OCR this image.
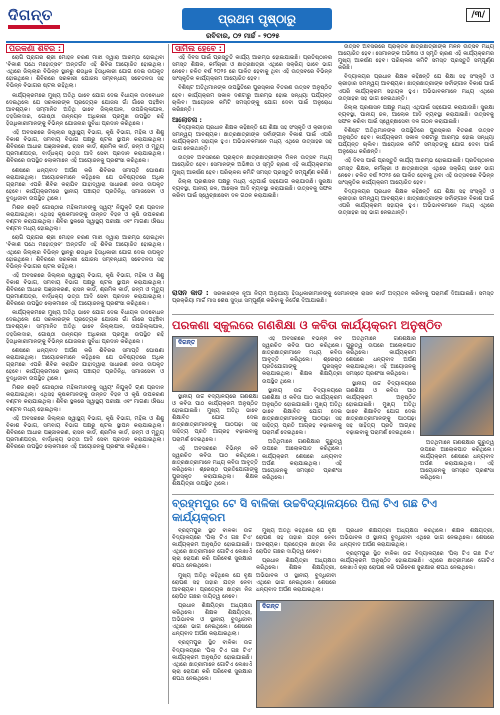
ଦିଗନ୍ତ	ପ୍ରଥମ ପୃଷ୍ଠାରୁ	/୩/
ରବିବାର, ୦୨ ମାର୍ଚ୍ଚ - ୨୦୨୫
ପରକଣା ଶିବିର :

ରୋଗି ପ୍ରାଗର ଶ୍ରୀ ମୋହନ ଚରଣ ମାଝୀ ଦ୍ୱାରା ଆରମ୍ଭ ହୋଇଥିବା 'ବିକାଶ ପଥେ ମହୋତ୍ସବ' ଅନ୍ତର୍ଗତ ଏହି ଶିବିର ଆୟୋଜିତ ହୋଇଥିଲା। ଏଥିରେ ଜିଲ୍ଲାର ବିଭିନ୍ନ ସ୍ଥାନରୁ ଶତାଧିକ ହିତାଧିକାରୀ ଯୋଗ ଦେଇ ଉପକୃତ ହୋଇଥିଲେ। ଶିବିରରେ ସରକାରୀ ଯୋଜନା ସମ୍ବନ୍ଧୀୟ ସଚେତନତା ସହ ବିଭିନ୍ନ ବିଭାଗର ଷ୍ଟଲ ରହିଥିଲା।

କାର୍ଯ୍ୟକ୍ରମରେ ମୁଖ୍ୟ ଅତିଥି ଭାବେ ଯୋଗ ଦେଇ ବିଧାୟକ ଉଦବୋଧନ ଦେଇଥିଲେ ଯେ ସରକାରଙ୍କ ପ୍ରତ୍ୟେକ ଯୋଜନା ଗାଁ ଗାଁରେ ପହଞ୍ଚିବା ଆବଶ୍ୟକ। ସମ୍ମାନିତ ଅତିଥି ଭାବେ ଜିଲ୍ଲାପାଳ, ଉପଜିଲ୍ଳାପାଳ, ତହସିଲଦାର, ଗୋଷ୍ଠୀ ଉନ୍ନୟନ ଅଧିକାରୀ ପ୍ରମୁଖ ଉପସ୍ଥିତ ରହି ହିତାଧିକାରୀମାନଙ୍କୁ ବିଭିନ୍ନ ଯୋଜନାର ସୁବିଧା ପ୍ରଦାନ କରିଥିଲେ।

ଏହି ଅବସରରେ ଜିଲ୍ଲାର ସ୍ୱାସ୍ଥ୍ୟ ବିଭାଗ, କୃଷି ବିଭାଗ, ମହିଳା ଓ ଶିଶୁ ବିକାଶ ବିଭାଗ, ସମବାୟ ବିଭାଗ ପକ୍ଷରୁ ଷ୍ଟଲ ସ୍ଥାପନ କରାଯାଇଥିଲା। ଶିବିରରେ ଆଧାର ପଞ୍ଜୀକରଣ, ରାସନ କାର୍ଡ, ଶ୍ରମିକ କାର୍ଡ, ଜନ୍ମ ଓ ମୃତ୍ୟୁ ପ୍ରମାଣପତ୍ର, ବାର୍ଦ୍ଧକ୍ୟ ଭତ୍ତା ଆଦି ସେବା ପ୍ରଦାନ କରାଯାଇଥିଲା। ଶିବିରରେ ଉପସ୍ଥିତ ଲୋକମାନେ ଏହି ଆୟୋଜନକୁ ପ୍ରଶଂସା କରିଥିଲେ।

ଶେଷରେ ଧନ୍ୟବାଦ ଅର୍ପଣ କରି ଶିବିରର ସମାପ୍ତି ଘୋଷଣା କରାଯାଇଥିଲା। ଆୟୋଜକମାନେ କହିଥିଲେ ଯେ ଭବିଷ୍ୟତରେ ଅଧିକ ଗ୍ରାମରେ ଏପରି ଶିବିର କରାଯିବ ଯାହାଦ୍ୱାରା ସାଧାରଣ ଜନତା ଉପକୃତ ହେବେ। କାର୍ଯ୍ୟକ୍ରମରେ ସ୍ଥାନୀୟ ପଞ୍ଚାୟତ ପ୍ରତିନିଧି, ସମାଜସେବୀ ଓ ବୁଦ୍ଧିଜୀବୀ ଉପସ୍ଥିତ ଥିଲେ।

ମିଶନ ଶକ୍ତି ଗୋଷ୍ଠୀର ମହିଳାମାନଙ୍କୁ ସ୍ୱୟଂ ନିଯୁକ୍ତି ଋଣ ପ୍ରଦାନ କରାଯାଇଥିଲା। ଏଥିସହ କୃଷକମାନଙ୍କୁ ଉନ୍ନତ ବିହନ ଓ କୃଷି ଉପକରଣ ବଣ୍ଟନ କରାଯାଇଥିଲା। ଶିବିର ସ୍ଥଳରେ ସ୍ୱାସ୍ଥ୍ୟ ପରୀକ୍ଷା ଏବଂ ମାଗଣା ଔଷଧ ବଣ୍ଟନ ମଧ୍ୟ ହୋଇଥିଲା।

ରୋଗି ପ୍ରାଗର ଶ୍ରୀ ମୋହନ ଚରଣ ମାଝୀ ଦ୍ୱାରା ଆରମ୍ଭ ହୋଇଥିବା 'ବିକାଶ ପଥେ ମହୋତ୍ସବ' ଅନ୍ତର୍ଗତ ଏହି ଶିବିର ଆୟୋଜିତ ହୋଇଥିଲା। ଏଥିରେ ଜିଲ୍ଲାର ବିଭିନ୍ନ ସ୍ଥାନରୁ ଶତାଧିକ ହିତାଧିକାରୀ ଯୋଗ ଦେଇ ଉପକୃତ ହୋଇଥିଲେ। ଶିବିରରେ ସରକାରୀ ଯୋଜନା ସମ୍ବନ୍ଧୀୟ ସଚେତନତା ସହ ବିଭିନ୍ନ ବିଭାଗର ଷ୍ଟଲ ରହିଥିଲା।

ଏହି ଅବସରରେ ଜିଲ୍ଲାର ସ୍ୱାସ୍ଥ୍ୟ ବିଭାଗ, କୃଷି ବିଭାଗ, ମହିଳା ଓ ଶିଶୁ ବିକାଶ ବିଭାଗ, ସମବାୟ ବିଭାଗ ପକ୍ଷରୁ ଷ୍ଟଲ ସ୍ଥାପନ କରାଯାଇଥିଲା। ଶିବିରରେ ଆଧାର ପଞ୍ଜୀକରଣ, ରାସନ କାର୍ଡ, ଶ୍ରମିକ କାର୍ଡ, ଜନ୍ମ ଓ ମୃତ୍ୟୁ ପ୍ରମାଣପତ୍ର, ବାର୍ଦ୍ଧକ୍ୟ ଭତ୍ତା ଆଦି ସେବା ପ୍ରଦାନ କରାଯାଇଥିଲା। ଶିବିରରେ ଉପସ୍ଥିତ ଲୋକମାନେ ଏହି ଆୟୋଜନକୁ ପ୍ରଶଂସା କରିଥିଲେ।

କାର୍ଯ୍ୟକ୍ରମରେ ମୁଖ୍ୟ ଅତିଥି ଭାବେ ଯୋଗ ଦେଇ ବିଧାୟକ ଉଦବୋଧନ ଦେଇଥିଲେ ଯେ ସରକାରଙ୍କ ପ୍ରତ୍ୟେକ ଯୋଜନା ଗାଁ ଗାଁରେ ପହଞ୍ଚିବା ଆବଶ୍ୟକ। ସମ୍ମାନିତ ଅତିଥି ଭାବେ ଜିଲ୍ଲାପାଳ, ଉପଜିଲ୍ଳାପାଳ, ତହସିଲଦାର, ଗୋଷ୍ଠୀ ଉନ୍ନୟନ ଅଧିକାରୀ ପ୍ରମୁଖ ଉପସ୍ଥିତ ରହି ହିତାଧିକାରୀମାନଙ୍କୁ ବିଭିନ୍ନ ଯୋଜନାର ସୁବିଧା ପ୍ରଦାନ କରିଥିଲେ।

ଶେଷରେ ଧନ୍ୟବାଦ ଅର୍ପଣ କରି ଶିବିରର ସମାପ୍ତି ଘୋଷଣା କରାଯାଇଥିଲା। ଆୟୋଜକମାନେ କହିଥିଲେ ଯେ ଭବିଷ୍ୟତରେ ଅଧିକ ଗ୍ରାମରେ ଏପରି ଶିବିର କରାଯିବ ଯାହାଦ୍ୱାରା ସାଧାରଣ ଜନତା ଉପକୃତ ହେବେ। କାର୍ଯ୍ୟକ୍ରମରେ ସ୍ଥାନୀୟ ପଞ୍ଚାୟତ ପ୍ରତିନିଧି, ସମାଜସେବୀ ଓ ବୁଦ୍ଧିଜୀବୀ ଉପସ୍ଥିତ ଥିଲେ।

ମିଶନ ଶକ୍ତି ଗୋଷ୍ଠୀର ମହିଳାମାନଙ୍କୁ ସ୍ୱୟଂ ନିଯୁକ୍ତି ଋଣ ପ୍ରଦାନ କରାଯାଇଥିଲା। ଏଥିସହ କୃଷକମାନଙ୍କୁ ଉନ୍ନତ ବିହନ ଓ କୃଷି ଉପକରଣ ବଣ୍ଟନ କରାଯାଇଥିଲା। ଶିବିର ସ୍ଥଳରେ ସ୍ୱାସ୍ଥ୍ୟ ପରୀକ୍ଷା ଏବଂ ମାଗଣା ଔଷଧ ବଣ୍ଟନ ମଧ୍ୟ ହୋଇଥିଲା।

ଏହି ଅବସରରେ ଜିଲ୍ଲାର ସ୍ୱାସ୍ଥ୍ୟ ବିଭାଗ, କୃଷି ବିଭାଗ, ମହିଳା ଓ ଶିଶୁ ବିକାଶ ବିଭାଗ, ସମବାୟ ବିଭାଗ ପକ୍ଷରୁ ଷ୍ଟଲ ସ୍ଥାପନ କରାଯାଇଥିଲା। ଶିବିରରେ ଆଧାର ପଞ୍ଜୀକରଣ, ରାସନ କାର୍ଡ, ଶ୍ରମିକ କାର୍ଡ, ଜନ୍ମ ଓ ମୃତ୍ୟୁ ପ୍ରମାଣପତ୍ର, ବାର୍ଦ୍ଧକ୍ୟ ଭତ୍ତା ଆଦି ସେବା ପ୍ରଦାନ କରାଯାଇଥିଲା। ଶିବିରରେ ଉପସ୍ଥିତ ଲୋକମାନେ ଏହି ଆୟୋଜନକୁ ପ୍ରଶଂସା କରିଥିଲେ।

ସାମିଲ ହେବେ :

ଏହି ଦିବସ ପାଇଁ ପ୍ରସ୍ତୁତି କାର୍ଯ୍ୟ ଆରମ୍ଭ ହୋଇଯାଇଛି। ପ୍ରତିଷ୍ଠାନର ସମସ୍ତ ଶିକ୍ଷକ, କର୍ମଚାରୀ ଓ ଛାତ୍ରଛାତ୍ରୀ ଏଥିରେ ସକ୍ରିୟ ଭାବେ ଭାଗ ନେବେ। ଚଳିତ ବର୍ଷ ୨୦୨୫ ରେ ପାଳିତ ହେବାକୁ ଥିବା ଏହି ଉତ୍ସବରେ ବିଭିନ୍ନ ସାଂସ୍କୃତିକ କାର୍ଯ୍ୟକ୍ରମ ଆୟୋଜିତ ହେବ।

ବିଶିଷ୍ଟ ଅତିଥିମାନଙ୍କ ଉପସ୍ଥିତିରେ ପୁରସ୍କାର ବିତରଣ ଉତ୍ସବ ଅନୁଷ୍ଠିତ ହେବ। କାର୍ଯ୍ୟକ୍ରମ ସକାଳ ଦଶଟାରୁ ଆରମ୍ଭ ହୋଇ ସନ୍ଧ୍ୟା ପର୍ଯ୍ୟନ୍ତ ଚାଲିବ। ଆୟୋଜକ କମିଟି ସମସ୍ତଙ୍କୁ ଯୋଗ ଦେବା ପାଇଁ ଅନୁରୋଧ କରିଛନ୍ତି।

ଆଲୋଚନା :

ବିଦ୍ୟାଳୟର ପ୍ରଧାନ ଶିକ୍ଷକ କହିଛନ୍ତି ଯେ ଶିକ୍ଷା ସହ ସଂସ୍କୃତି ଓ କ୍ରୀଡ଼ାର ସମନ୍ୱୟ ଆବଶ୍ୟକ। ଛାତ୍ରଛାତ୍ରୀଙ୍କ ସର୍ବାଙ୍ଗୀନ ବିକାଶ ପାଇଁ ଏପରି କାର୍ଯ୍ୟକ୍ରମ ସହାୟକ ହୁଏ। ଅଭିଭାବକମାନେ ମଧ୍ୟ ଏଥିରେ ଉତ୍ସାହର ସହ ଭାଗ ନେଇଥାନ୍ତି।

ଉତ୍ସବ ଅବସରରେ ପ୍ରାକ୍ତନ ଛାତ୍ରଛାତ୍ରୀଙ୍କ ମିଳନ ଉତ୍ସବ ମଧ୍ୟ ଆୟୋଜିତ ହେବ। ସେମାନଙ୍କ ଅଭିଜ୍ଞତା ଓ ସ୍ମୃତି ଚାରଣ ଏହି କାର୍ଯ୍ୟକ୍ରମର ମୁଖ୍ୟ ଆକର୍ଷଣ ହେବ। ପରିଚାଳନା କମିଟି ସମସ୍ତ ପ୍ରସ୍ତୁତି ସମ୍ପୂର୍ଣ୍ଣ କରିଛି।

ଜିଲ୍ଲା ପ୍ରଶାସନ ପକ୍ଷରୁ ମଧ୍ୟ ଏଥିପାଇଁ ସହଯୋଗ କରାଯାଉଛି। ସୁରକ୍ଷା ବ୍ୟବସ୍ଥା, ପାନୀୟ ଜଳ, ଆଲୋକ ଆଦି ବ୍ୟବସ୍ଥା କରାଯାଇଛି। ଉତ୍ସବକୁ ସଫଳ କରିବା ପାଇଁ ସ୍ୱେଚ୍ଛାସେବୀ ଦଳ ଗଠନ କରାଯାଇଛି।

ଉତ୍ସବ ଅବସରରେ ପ୍ରାକ୍ତନ ଛାତ୍ରଛାତ୍ରୀଙ୍କ ମିଳନ ଉତ୍ସବ ମଧ୍ୟ ଆୟୋଜିତ ହେବ। ସେମାନଙ୍କ ଅଭିଜ୍ଞତା ଓ ସ୍ମୃତି ଚାରଣ ଏହି କାର୍ଯ୍ୟକ୍ରମର ମୁଖ୍ୟ ଆକର୍ଷଣ ହେବ। ପରିଚାଳନା କମିଟି ସମସ୍ତ ପ୍ରସ୍ତୁତି ସମ୍ପୂର୍ଣ୍ଣ କରିଛି।

ବିଦ୍ୟାଳୟର ପ୍ରଧାନ ଶିକ୍ଷକ କହିଛନ୍ତି ଯେ ଶିକ୍ଷା ସହ ସଂସ୍କୃତି ଓ କ୍ରୀଡ଼ାର ସମନ୍ୱୟ ଆବଶ୍ୟକ। ଛାତ୍ରଛାତ୍ରୀଙ୍କ ସର୍ବାଙ୍ଗୀନ ବିକାଶ ପାଇଁ ଏପରି କାର୍ଯ୍ୟକ୍ରମ ସହାୟକ ହୁଏ। ଅଭିଭାବକମାନେ ମଧ୍ୟ ଏଥିରେ ଉତ୍ସାହର ସହ ଭାଗ ନେଇଥାନ୍ତି।

ଜିଲ୍ଲା ପ୍ରଶାସନ ପକ୍ଷରୁ ମଧ୍ୟ ଏଥିପାଇଁ ସହଯୋଗ କରାଯାଉଛି। ସୁରକ୍ଷା ବ୍ୟବସ୍ଥା, ପାନୀୟ ଜଳ, ଆଲୋକ ଆଦି ବ୍ୟବସ୍ଥା କରାଯାଇଛି। ଉତ୍ସବକୁ ସଫଳ କରିବା ପାଇଁ ସ୍ୱେଚ୍ଛାସେବୀ ଦଳ ଗଠନ କରାଯାଇଛି।

ବିଶିଷ୍ଟ ଅତିଥିମାନଙ୍କ ଉପସ୍ଥିତିରେ ପୁରସ୍କାର ବିତରଣ ଉତ୍ସବ ଅନୁଷ୍ଠିତ ହେବ। କାର୍ଯ୍ୟକ୍ରମ ସକାଳ ଦଶଟାରୁ ଆରମ୍ଭ ହୋଇ ସନ୍ଧ୍ୟା ପର୍ଯ୍ୟନ୍ତ ଚାଲିବ। ଆୟୋଜକ କମିଟି ସମସ୍ତଙ୍କୁ ଯୋଗ ଦେବା ପାଇଁ ଅନୁରୋଧ କରିଛନ୍ତି।

ଏହି ଦିବସ ପାଇଁ ପ୍ରସ୍ତୁତି କାର୍ଯ୍ୟ ଆରମ୍ଭ ହୋଇଯାଇଛି। ପ୍ରତିଷ୍ଠାନର ସମସ୍ତ ଶିକ୍ଷକ, କର୍ମଚାରୀ ଓ ଛାତ୍ରଛାତ୍ରୀ ଏଥିରେ ସକ୍ରିୟ ଭାବେ ଭାଗ ନେବେ। ଚଳିତ ବର୍ଷ ୨୦୨୫ ରେ ପାଳିତ ହେବାକୁ ଥିବା ଏହି ଉତ୍ସବରେ ବିଭିନ୍ନ ସାଂସ୍କୃତିକ କାର୍ଯ୍ୟକ୍ରମ ଆୟୋଜିତ ହେବ।

ବିଦ୍ୟାଳୟର ପ୍ରଧାନ ଶିକ୍ଷକ କହିଛନ୍ତି ଯେ ଶିକ୍ଷା ସହ ସଂସ୍କୃତି ଓ କ୍ରୀଡ଼ାର ସମନ୍ୱୟ ଆବଶ୍ୟକ। ଛାତ୍ରଛାତ୍ରୀଙ୍କ ସର୍ବାଙ୍ଗୀନ ବିକାଶ ପାଇଁ ଏପରି କାର୍ଯ୍ୟକ୍ରମ ସହାୟକ ହୁଏ। ଅଭିଭାବକମାନେ ମଧ୍ୟ ଏଥିରେ ଉତ୍ସାହର ସହ ଭାଗ ନେଇଥାନ୍ତି।

ରାସନ କାର୍ଡ : ସରକାରଙ୍କ ନୂଆ ନିୟମ ଅନୁଯାୟୀ ହିତାଧିକାରୀମାନଙ୍କୁ ସେମାନଙ୍କ ରାସନ କାର୍ଡ ଅଦ୍ୟତନ କରିବାକୁ ପରାମର୍ଶ ଦିଆଯାଇଛି। ସମସ୍ତ ପ୍ରକ୍ରିୟା ମାର୍ଚ୍ଚ ମାସ ଶେଷ ସୁଦ୍ଧା ସମ୍ପୂର୍ଣ୍ଣ କରିବାକୁ ନିର୍ଦ୍ଦେଶ ଦିଆଯାଇଛି।
ପରକଣା ସ୍କୁଲରେ ଗଣଶିକ୍ଷା ଓ କବିତା କାର୍ଯ୍ୟକ୍ରମ ଅନୁଷ୍ଠିତ
ଦିଗନ୍ତ

ସ୍ଥାନୀୟ ଉଚ୍ଚ ବିଦ୍ୟାଳୟରେ ଗଣଶିକ୍ଷା ଓ କବିତା ପାଠ କାର୍ଯ୍ୟକ୍ରମ ଅନୁଷ୍ଠିତ ହୋଇଯାଇଛି। ମୁଖ୍ୟ ଅତିଥି ଭାବେ ଶିକ୍ଷାବିତ ଯୋଗ ଦେଇ ଛାତ୍ରଛାତ୍ରୀମାନଙ୍କୁ ପାଠପଢ଼ା ସହ ସାହିତ୍ୟ ପ୍ରତି ଆଗ୍ରହ ବଢ଼ାଇବାକୁ ପରାମର୍ଶ ଦେଇଥିଲେ।

ଏହି ଅବସରରେ ବିଭିନ୍ନ କବି ସ୍ୱରଚିତ କବିତା ପାଠ କରିଥିଲେ। ଛାତ୍ରଛାତ୍ରୀମାନେ ମଧ୍ୟ କବିତା ଆବୃତ୍ତି କରିଥିଲେ। ଶ୍ରେଷ୍ଠ ପ୍ରତିଯୋଗୀଙ୍କୁ ପୁରସ୍କୃତ କରାଯାଇଥିଲା। ଶିକ୍ଷକ ଶିକ୍ଷୟିତ୍ରୀ ଉପସ୍ଥିତ ଥିଲେ।

ଏହି ଅବସରରେ ବିଭିନ୍ନ କବି ସ୍ୱରଚିତ କବିତା ପାଠ କରିଥିଲେ। ଛାତ୍ରଛାତ୍ରୀମାନେ ମଧ୍ୟ କବିତା ଆବୃତ୍ତି କରିଥିଲେ। ଶ୍ରେଷ୍ଠ ପ୍ରତିଯୋଗୀଙ୍କୁ ପୁରସ୍କୃତ କରାଯାଇଥିଲା। ଶିକ୍ଷକ ଶିକ୍ଷୟିତ୍ରୀ ଉପସ୍ଥିତ ଥିଲେ।

ସ୍ଥାନୀୟ ଉଚ୍ଚ ବିଦ୍ୟାଳୟରେ ଗଣଶିକ୍ଷା ଓ କବିତା ପାଠ କାର୍ଯ୍ୟକ୍ରମ ଅନୁଷ୍ଠିତ ହୋଇଯାଇଛି। ମୁଖ୍ୟ ଅତିଥି ଭାବେ ଶିକ୍ଷାବିତ ଯୋଗ ଦେଇ ଛାତ୍ରଛାତ୍ରୀମାନଙ୍କୁ ପାଠପଢ଼ା ସହ ସାହିତ୍ୟ ପ୍ରତି ଆଗ୍ରହ ବଢ଼ାଇବାକୁ ପରାମର୍ଶ ଦେଇଥିଲେ।

ଅତିଥିମାନେ ଗଣଶିକ୍ଷାର ଗୁରୁତ୍ୱ ଉପରେ ଆଲୋକପାତ କରିଥିଲେ। କାର୍ଯ୍ୟକ୍ରମ ଶେଷରେ ଧନ୍ୟବାଦ ଅର୍ପଣ କରାଯାଇଥିଲା। ଏହି ଆୟୋଜନକୁ ସମସ୍ତେ ପ୍ରଶଂସା କରିଥିଲେ।

ଅତିଥିମାନେ ଗଣଶିକ୍ଷାର ଗୁରୁତ୍ୱ ଉପରେ ଆଲୋକପାତ କରିଥିଲେ। କାର୍ଯ୍ୟକ୍ରମ ଶେଷରେ ଧନ୍ୟବାଦ ଅର୍ପଣ କରାଯାଇଥିଲା। ଏହି ଆୟୋଜନକୁ ସମସ୍ତେ ପ୍ରଶଂସା କରିଥିଲେ।

ସ୍ଥାନୀୟ ଉଚ୍ଚ ବିଦ୍ୟାଳୟରେ ଗଣଶିକ୍ଷା ଓ କବିତା ପାଠ କାର୍ଯ୍ୟକ୍ରମ ଅନୁଷ୍ଠିତ ହୋଇଯାଇଛି। ମୁଖ୍ୟ ଅତିଥି ଭାବେ ଶିକ୍ଷାବିତ ଯୋଗ ଦେଇ ଛାତ୍ରଛାତ୍ରୀମାନଙ୍କୁ ପାଠପଢ଼ା ସହ ସାହିତ୍ୟ ପ୍ରତି ଆଗ୍ରହ ବଢ଼ାଇବାକୁ ପରାମର୍ଶ ଦେଇଥିଲେ।

ଅତିଥିମାନେ ଗଣଶିକ୍ଷାର ଗୁରୁତ୍ୱ ଉପରେ ଆଲୋକପାତ କରିଥିଲେ। କାର୍ଯ୍ୟକ୍ରମ ଶେଷରେ ଧନ୍ୟବାଦ ଅର୍ପଣ କରାଯାଇଥିଲା। ଏହି ଆୟୋଜନକୁ ସମସ୍ତେ ପ୍ରଶଂସା କରିଥିଲେ।

ବ୍ରହ୍ମପୁର ଟେ ସି ବାଳିକା ଉଚ୍ଚବିଦ୍ୟାଳୟରେ ପିଲା ଟିଏ ଗଛ ଟିଏ କାର୍ଯ୍ୟକ୍ରମ

ବ୍ରହ୍ମପୁର ସ୍ଥିତ ବାଳିକା ଉଚ୍ଚ ବିଦ୍ୟାଳୟରେ 'ପିଲା ଟିଏ ଗଛ ଟିଏ' କାର୍ଯ୍ୟକ୍ରମ ଅନୁଷ୍ଠିତ ହୋଇଯାଇଛି। ଏଥିରେ ଛାତ୍ରୀମାନେ ଗୋଟିଏ ଲେଖାଏଁ ଚାରା ରୋପଣ କରି ପରିବେଶ ସୁରକ୍ଷାର ଶପଥ ନେଇଥିଲେ।

ମୁଖ୍ୟ ଅତିଥି କହିଥିଲେ ଯେ ବୃକ୍ଷ ରୋପଣ ସହ ତାହାର ଯତ୍ନ ନେବା ଆବଶ୍ୟକ। ପ୍ରତ୍ୟେକ ଛାତ୍ରୀ ନିଜ ରୋପିତ ଗଛର ଦାୟିତ୍ୱ ନେବେ।

ପ୍ରଧାନ ଶିକ୍ଷୟିତ୍ରୀ ଅଧ୍ୟକ୍ଷତା କରିଥିଲେ। ଶିକ୍ଷକ ଶିକ୍ଷୟିତ୍ରୀ, ଅଭିଭାବକ ଓ ସ୍ଥାନୀୟ ବୁଦ୍ଧିଜୀବୀ ଏଥିରେ ଭାଗ ନେଇଥିଲେ। ଶେଷରେ ଧନ୍ୟବାଦ ଅର୍ପଣ କରାଯାଇଥିଲା।

ବ୍ରହ୍ମପୁର ସ୍ଥିତ ବାଳିକା ଉଚ୍ଚ ବିଦ୍ୟାଳୟରେ 'ପିଲା ଟିଏ ଗଛ ଟିଏ' କାର୍ଯ୍ୟକ୍ରମ ଅନୁଷ୍ଠିତ ହୋଇଯାଇଛି। ଏଥିରେ ଛାତ୍ରୀମାନେ ଗୋଟିଏ ଲେଖାଏଁ ଚାରା ରୋପଣ କରି ପରିବେଶ ସୁରକ୍ଷାର ଶପଥ ନେଇଥିଲେ।

ମୁଖ୍ୟ ଅତିଥି କହିଥିଲେ ଯେ ବୃକ୍ଷ ରୋପଣ ସହ ତାହାର ଯତ୍ନ ନେବା ଆବଶ୍ୟକ। ପ୍ରତ୍ୟେକ ଛାତ୍ରୀ ନିଜ ରୋପିତ ଗଛର ଦାୟିତ୍ୱ ନେବେ।

ପ୍ରଧାନ ଶିକ୍ଷୟିତ୍ରୀ ଅଧ୍ୟକ୍ଷତା କରିଥିଲେ। ଶିକ୍ଷକ ଶିକ୍ଷୟିତ୍ରୀ, ଅଭିଭାବକ ଓ ସ୍ଥାନୀୟ ବୁଦ୍ଧିଜୀବୀ ଏଥିରେ ଭାଗ ନେଇଥିଲେ। ଶେଷରେ ଧନ୍ୟବାଦ ଅର୍ପଣ କରାଯାଇଥିଲା।

ପ୍ରଧାନ ଶିକ୍ଷୟିତ୍ରୀ ଅଧ୍ୟକ୍ଷତା କରିଥିଲେ। ଶିକ୍ଷକ ଶିକ୍ଷୟିତ୍ରୀ, ଅଭିଭାବକ ଓ ସ୍ଥାନୀୟ ବୁଦ୍ଧିଜୀବୀ ଏଥିରେ ଭାଗ ନେଇଥିଲେ। ଶେଷରେ ଧନ୍ୟବାଦ ଅର୍ପଣ କରାଯାଇଥିଲା।

ବ୍ରହ୍ମପୁର ସ୍ଥିତ ବାଳିକା ଉଚ୍ଚ ବିଦ୍ୟାଳୟରେ 'ପିଲା ଟିଏ ଗଛ ଟିଏ' କାର୍ଯ୍ୟକ୍ରମ ଅନୁଷ୍ଠିତ ହୋଇଯାଇଛି। ଏଥିରେ ଛାତ୍ରୀମାନେ ଗୋଟିଏ ଲେଖାଏଁ ଚାରା ରୋପଣ କରି ପରିବେଶ ସୁରକ୍ଷାର ଶପଥ ନେଇଥିଲେ।

ଦିଗନ୍ତ
